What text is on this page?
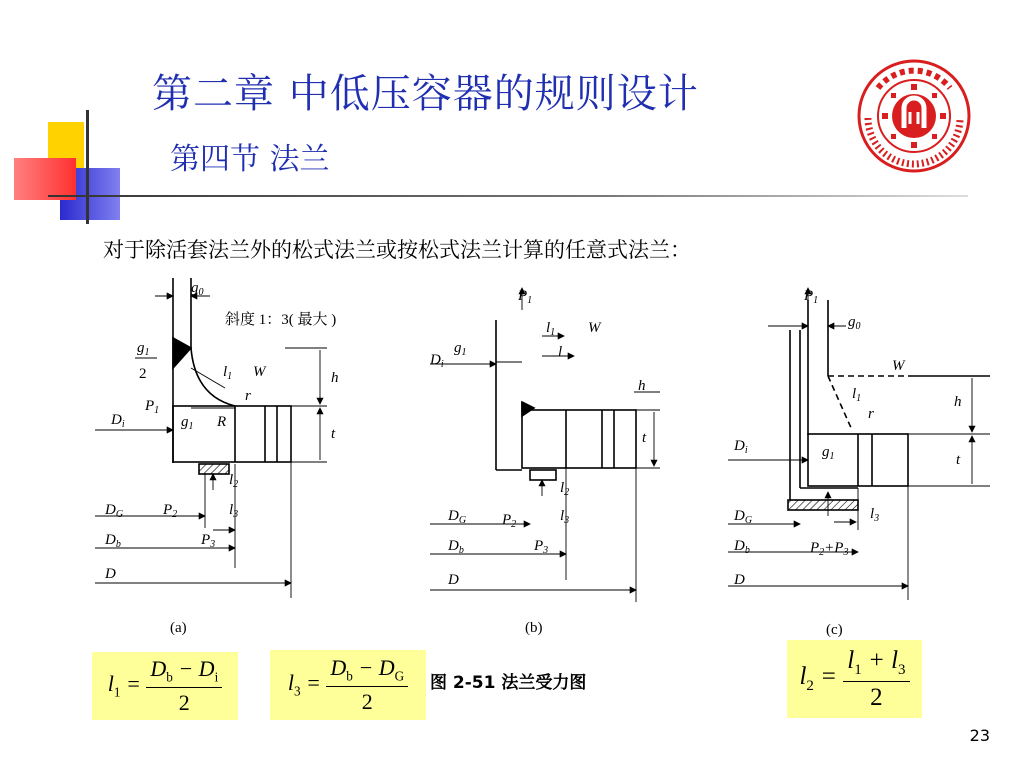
第二章 中低压容器的规则设计
第四节 法兰
对于除活套法兰外的松式法兰或按松式法兰计算的任意式法兰：
$g_0$
斜度 1：3( 最大 )
$g_1$
2	$l_1$ W	h
t
r
$P_1$
$D_i$	$g_1$ R
$l_2$
$l_3$
$D_G$	$P_2$
$P_3$
$D_b$
D
(a)
$P_1$
$l_1$ W
l
$g_1$
$D_i$
h
t
$l_2$
$l_3$
$D_G$ $P_2$
$P_3$
$D_b$
D
(b)
$P_1$
$g_0$
W
$l_1$
r
h
t
$D_i$	$g_1$
$l_3$
$D_G$
$P_2+P_3$
$D_b$
D
(c)
$l_1 = \frac{D_b - D_i}{2}$	$l_3 = \frac{D_b - D_G}{2}$ 图 2-51 法兰受力图	$l_2 = \frac{l_1 + l_3}{2}$
23
